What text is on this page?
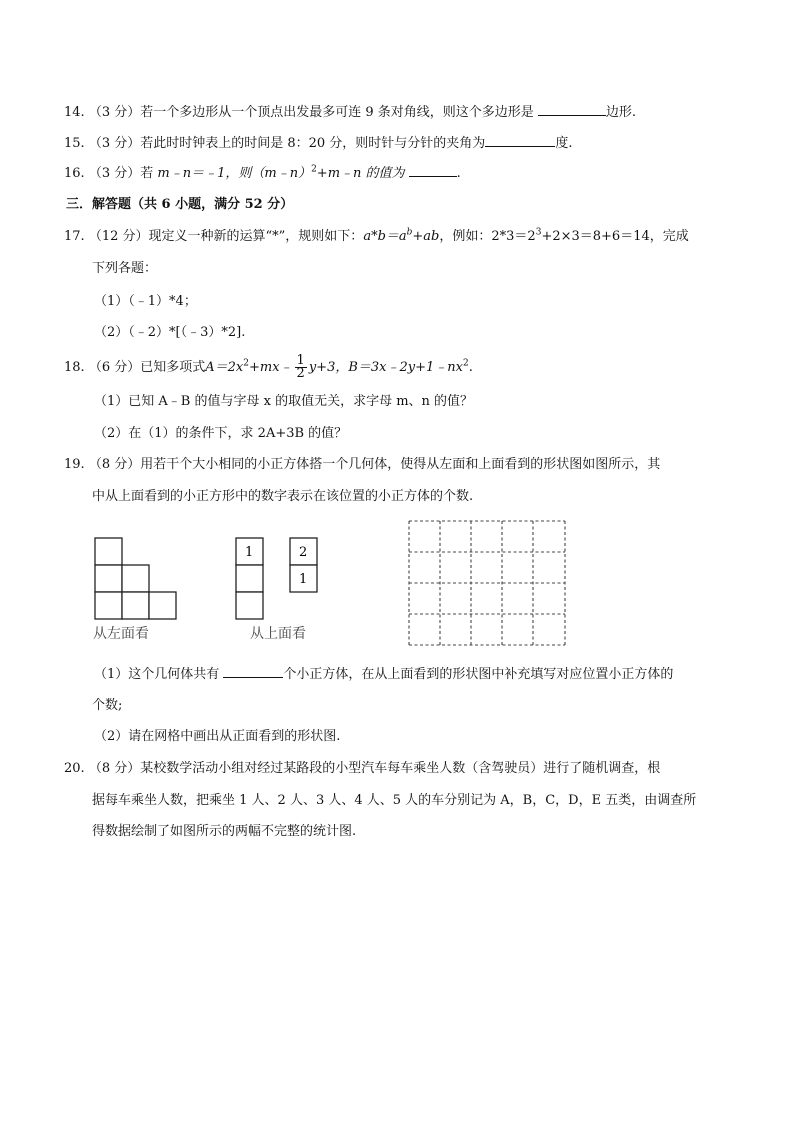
14. （3 分）若一个多边形从一个顶点出发最多可连 9 条对角线，则这个多边形是	边形.
15. （3 分）若此时时钟表上的时间是 8：20 分，则时针与分针的夹角为	度.
16. （3 分）若 m﹣n＝﹣1，则（m﹣n）$^2$+m﹣n 的值为	.
三．解答题（共 6 小题，满分 52 分）
17. （12 分）现定义一种新的运算“*”，规则如下：$a*b=a^b+ab$，例如：$2*3=2^3+2\times 3=8+6=14$，完成
下列各题：
（1）（﹣1）*4；
（2）（﹣2）*[（﹣3）*2].
18. （6 分）已知多项式$A=2x^2+mx﹣ \frac{1}{2} y+3$，$B=3x﹣2y+1﹣nx^2$.
（1）已知 A﹣B 的值与字母 x 的取值无关，求字母 m、n 的值？
（2）在（1）的条件下，求 2A+3B 的值？
19. （8 分）用若干个大小相同的小正方体搭一个几何体，使得从左面和上面看到的形状图如图所示，其
中从上面看到的小正方形中的数字表示在该位置的小正方体的个数.
从左面看
1	2
1
从上面看
（1）这个几何体共有	个小正方体，在从上面看到的形状图中补充填写对应位置小正方体的
个数;
（2）请在网格中画出从正面看到的形状图.
20. （8 分）某校数学活动小组对经过某路段的小型汽车每车乘坐人数（含驾驶员）进行了随机调查，根
据每车乘坐人数，把乘坐 1 人、2 人、3 人、4 人、5 人的车分别记为 A，B，C，D，E 五类，由调查所
得数据绘制了如图所示的两幅不完整的统计图.
